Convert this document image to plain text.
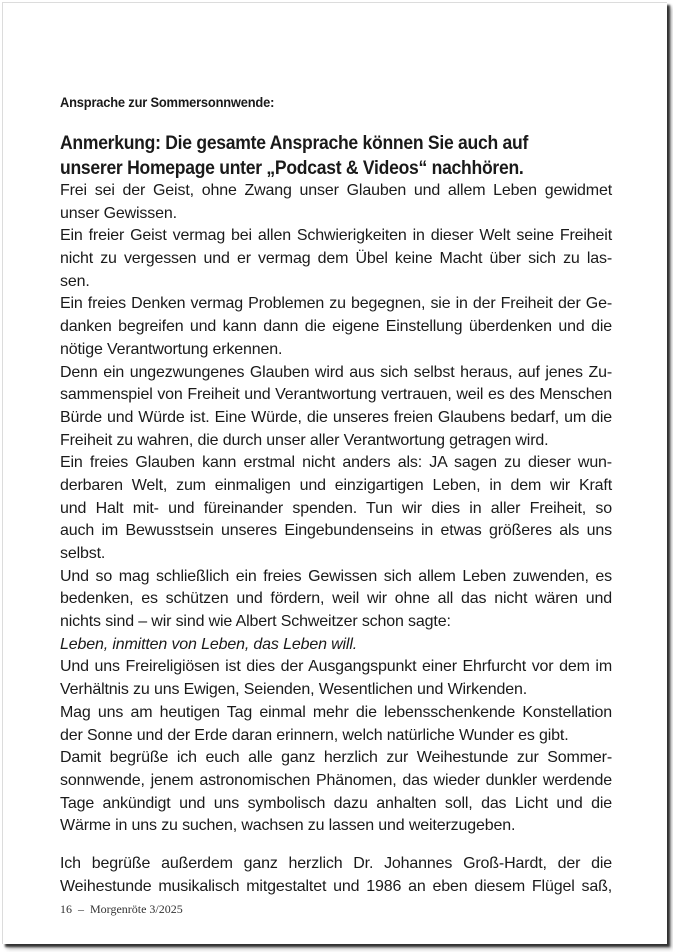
Ansprache zur Sommersonnwende:
Anmerkung: Die gesamte Ansprache können Sie auch auf
unserer Homepage unter „Podcast & Videos“ nachhören.
Frei sei der Geist, ohne Zwang unser Glauben und allem Leben gewidmet
unser Gewissen.
Ein freier Geist vermag bei allen Schwierigkeiten in dieser Welt seine Freiheit
nicht zu vergessen und er vermag dem Übel keine Macht über sich zu las-
sen.
Ein freies Denken vermag Problemen zu begegnen, sie in der Freiheit der Ge-
danken begreifen und kann dann die eigene Einstellung überdenken und die
nötige Verantwortung erkennen.
Denn ein ungezwungenes Glauben wird aus sich selbst heraus, auf jenes Zu-
sammenspiel von Freiheit und Verantwortung vertrauen, weil es des Menschen
Bürde und Würde ist. Eine Würde, die unseres freien Glaubens bedarf, um die
Freiheit zu wahren, die durch unser aller Verantwortung getragen wird.
Ein freies Glauben kann erstmal nicht anders als: JA sagen zu dieser wun-
derbaren Welt, zum einmaligen und einzigartigen Leben, in dem wir Kraft
und Halt mit- und füreinander spenden. Tun wir dies in aller Freiheit, so
auch im Bewusstsein unseres Eingebundenseins in etwas größeres als uns
selbst.
Und so mag schließlich ein freies Gewissen sich allem Leben zuwenden, es
bedenken, es schützen und fördern, weil wir ohne all das nicht wären und
nichts sind – wir sind wie Albert Schweitzer schon sagte:
Leben, inmitten von Leben, das Leben will.
Und uns Freireligiösen ist dies der Ausgangspunkt einer Ehrfurcht vor dem im
Verhältnis zu uns Ewigen, Seienden, Wesentlichen und Wirkenden.
Mag uns am heutigen Tag einmal mehr die lebensschenkende Konstellation
der Sonne und der Erde daran erinnern, welch natürliche Wunder es gibt.
Damit begrüße ich euch alle ganz herzlich zur Weihestunde zur Sommer-
sonnwende, jenem astronomischen Phänomen, das wieder dunkler werdende
Tage ankündigt und uns symbolisch dazu anhalten soll, das Licht und die
Wärme in uns zu suchen, wachsen zu lassen und weiterzugeben.
Ich begrüße außerdem ganz herzlich Dr. Johannes Groß-Hardt, der die
Weihestunde musikalisch mitgestaltet und 1986 an eben diesem Flügel saß,
16 – Morgenröte 3/2025
